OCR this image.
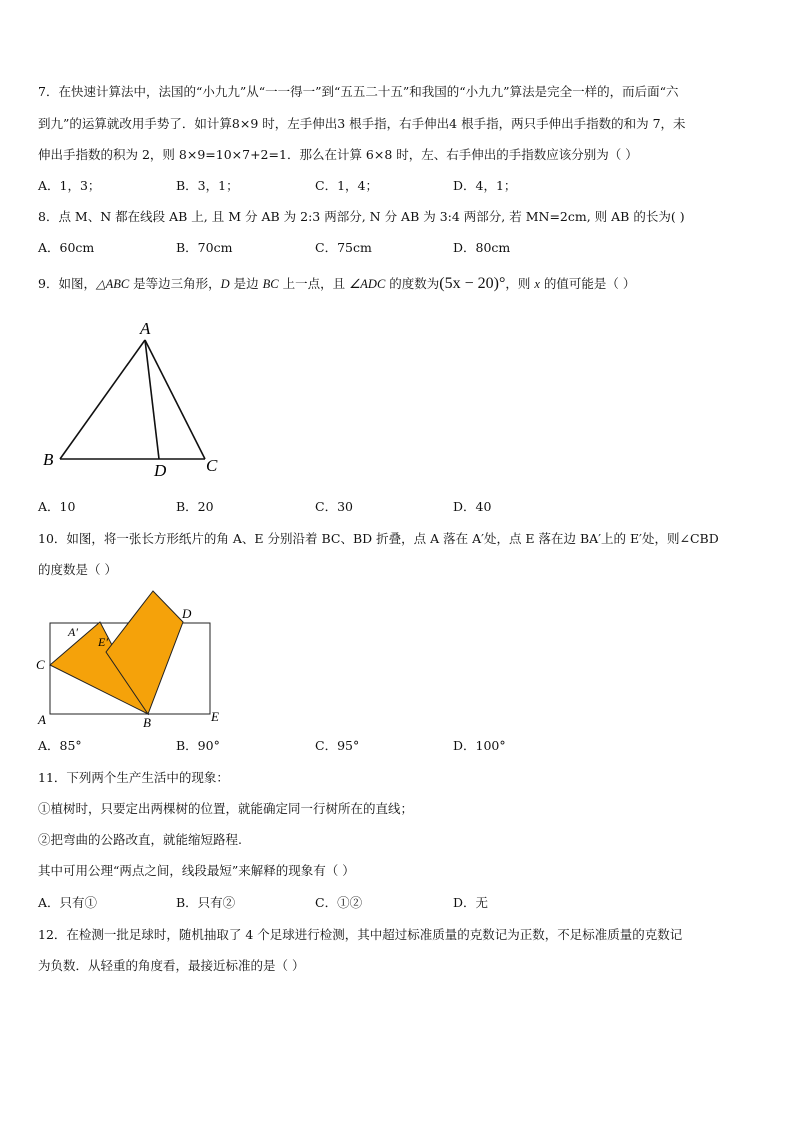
7．在快速计算法中，法国的“小九九”从“一一得一”到“五五二十五”和我国的“小九九”算法是完全一样的，而后面“六
到九”的运算就改用手势了．如计算8×9 时，左手伸出3 根手指，右手伸出4 根手指，两只手伸出手指数的和为 7，未
伸出手指数的积为 2，则 8×9=10×7+2=1．那么在计算 6×8 时，左、右手伸出的手指数应该分别为（ ）
A．1，3；	B．3，1；	C．1，4；	D．4，1；
8．点 M、N 都在线段 AB 上, 且 M 分 AB 为 2:3 两部分, N 分 AB 为 3:4 两部分, 若 MN=2cm, 则 AB 的长为( )
A．60cm	B．70cm	C．75cm	D．80cm
9．如图，△ABC 是等边三角形，D 是边 BC 上一点，且 ∠ADC 的度数为(5x − 20)°，则 x 的值可能是（ ）
A
B	C
D
A．10	B．20	C．30	D．40
10．如图，将一张长方形纸片的角 A、E 分别沿着 BC、BD 折叠，点 A 落在 A′处，点 E 落在边 BA′上的 E′处，则∠CBD
的度数是（ ）
A′
E′
C
D
A	B	E
A．85°	B．90°	C．95°	D．100°
11．下列两个生产生活中的现象：
①植树时，只要定出两棵树的位置，就能确定同一行树所在的直线；
②把弯曲的公路改直，就能缩短路程.
其中可用公理“两点之间，线段最短”来解释的现象有（ ）
A．只有①	B．只有②	C．①②	D．无
12．在检测一批足球时，随机抽取了 4 个足球进行检测，其中超过标准质量的克数记为正数，不足标准质量的克数记
为负数．从轻重的角度看，最接近标准的是（ ）
